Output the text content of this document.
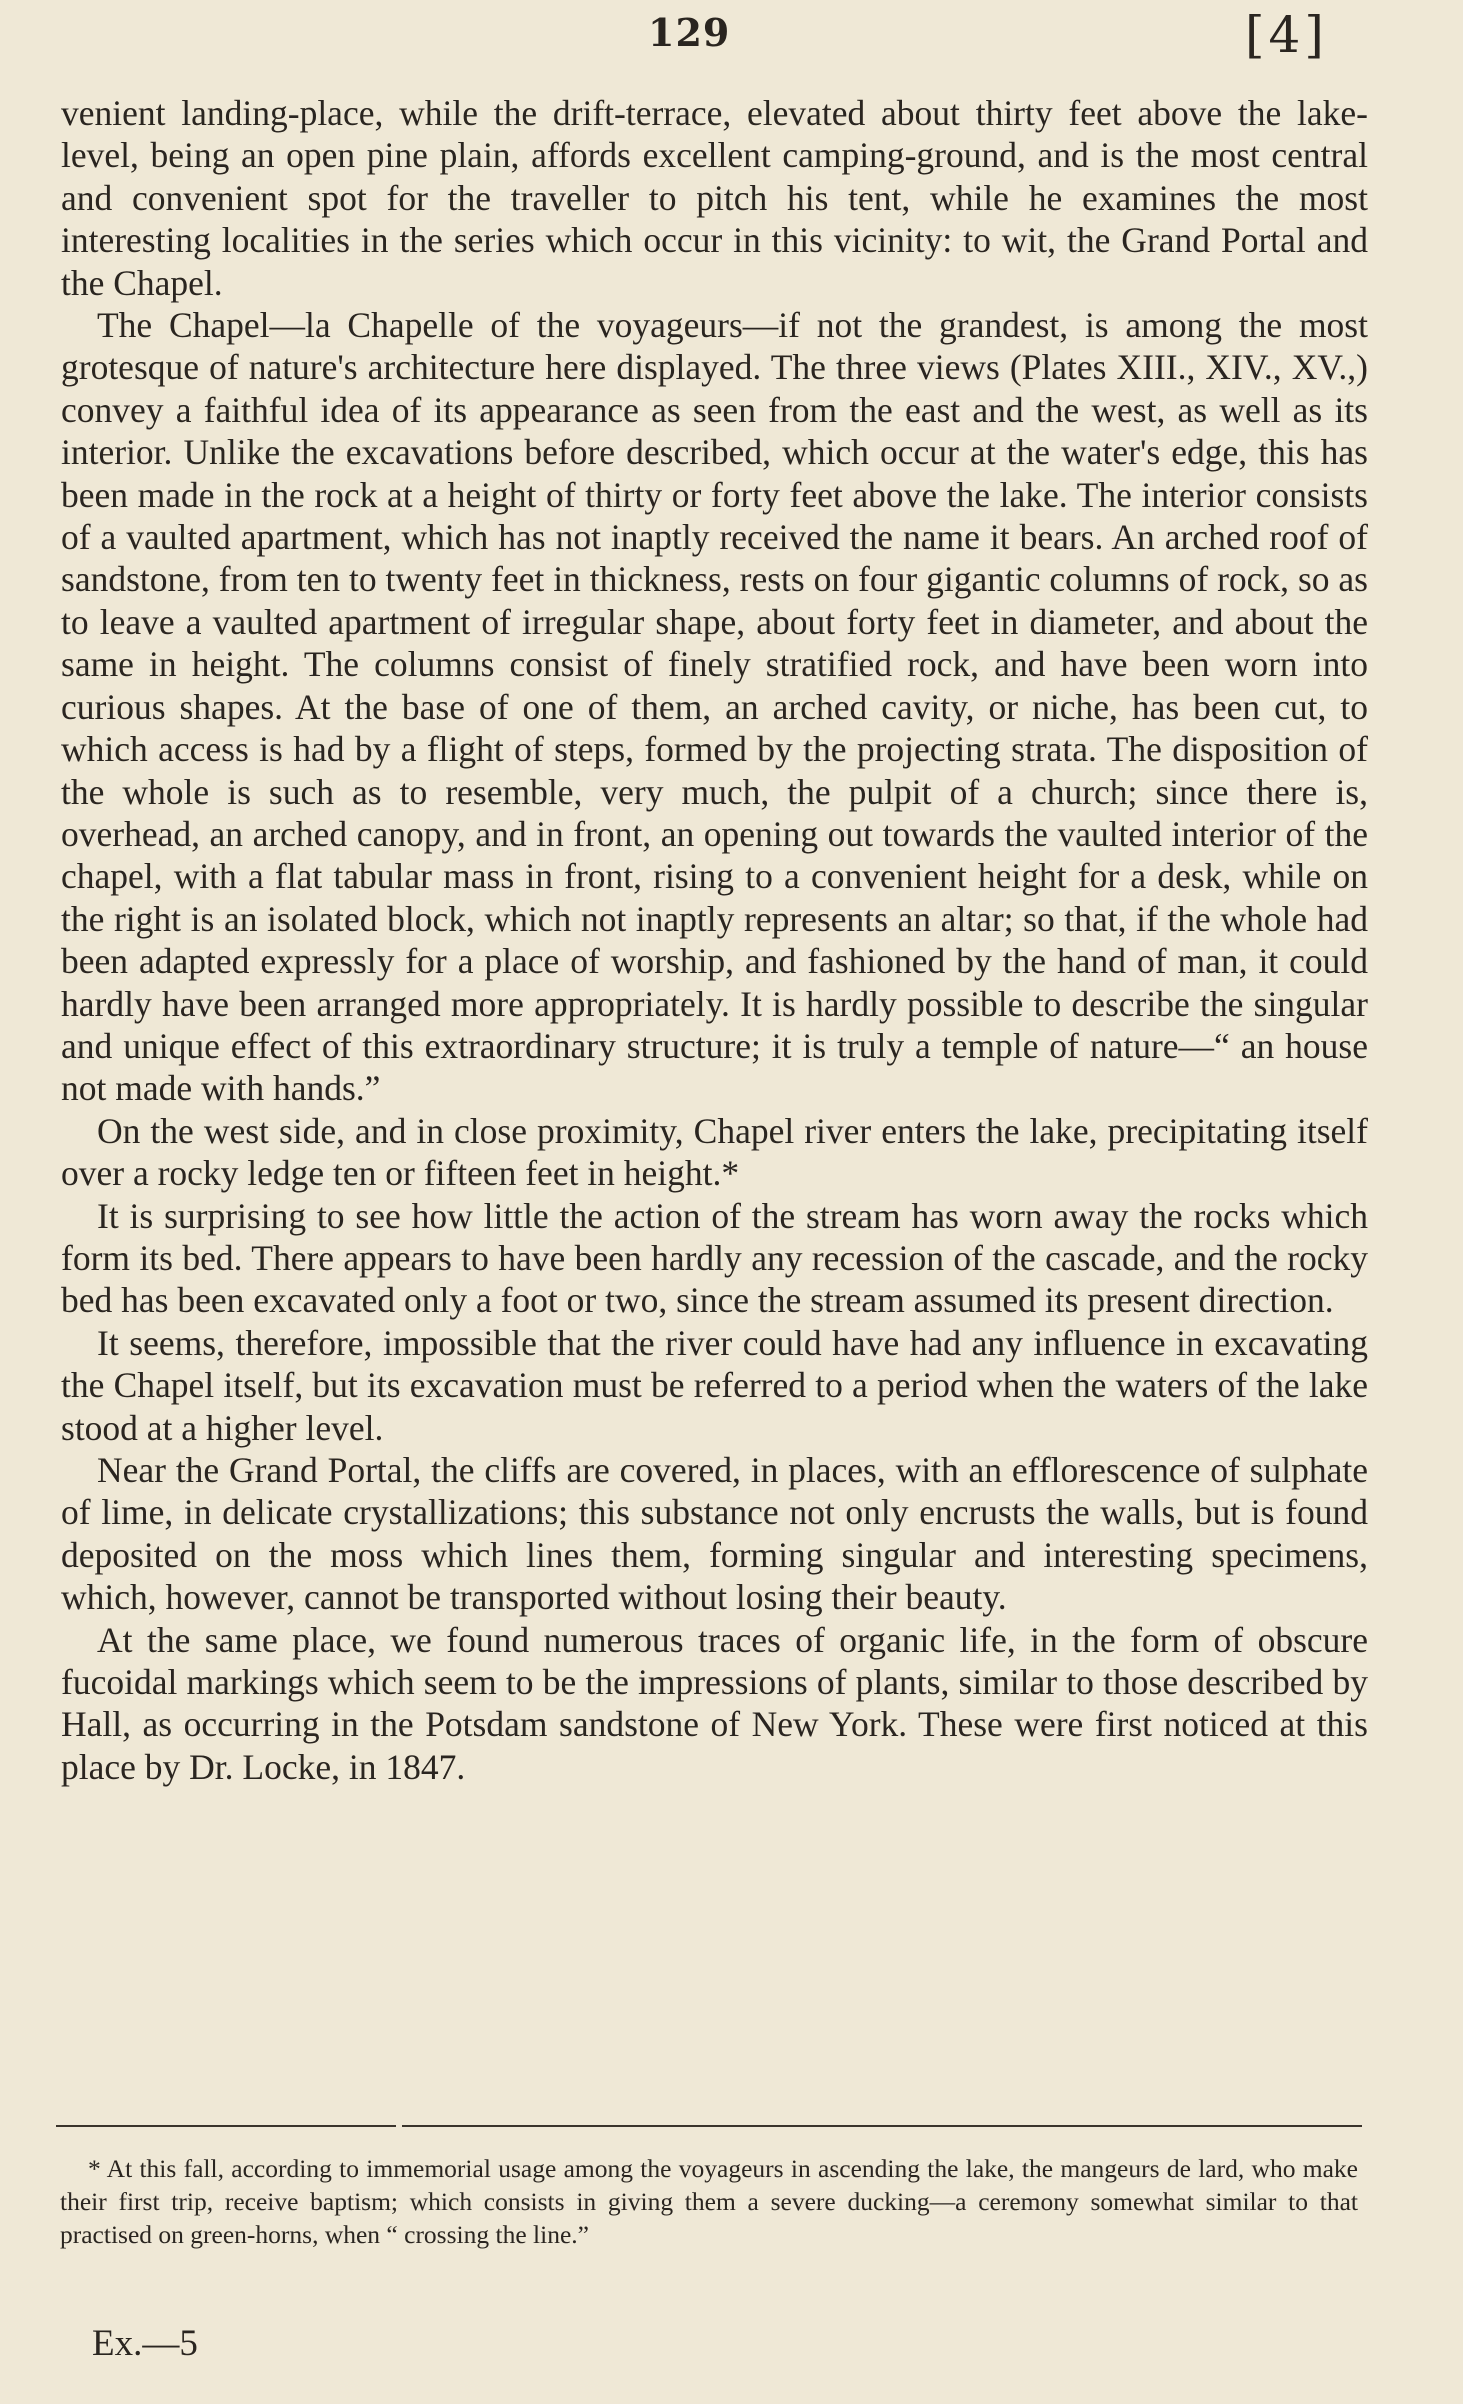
129	[4]

venient landing-place, while the drift-terrace, elevated about thirty feet above the lake-level, being an open pine plain, affords excellent camping-ground, and is the most central and convenient spot for the traveller to pitch his tent, while he examines the most interesting localities in the series which occur in this vicinity: to wit, the Grand Portal and the Chapel.

The Chapel—la Chapelle of the voyageurs—if not the grandest, is among the most grotesque of nature's architecture here displayed. The three views (Plates XIII., XIV., XV.,) convey a faithful idea of its appearance as seen from the east and the west, as well as its interior. Unlike the excavations before described, which occur at the water's edge, this has been made in the rock at a height of thirty or forty feet above the lake. The interior consists of a vaulted apartment, which has not inaptly received the name it bears. An arched roof of sandstone, from ten to twenty feet in thickness, rests on four gigantic columns of rock, so as to leave a vaulted apartment of irregular shape, about forty feet in diameter, and about the same in height. The columns consist of finely stratified rock, and have been worn into curious shapes. At the base of one of them, an arched cavity, or niche, has been cut, to which access is had by a flight of steps, formed by the projecting strata. The disposition of the whole is such as to resemble, very much, the pulpit of a church; since there is, overhead, an arched canopy, and in front, an opening out towards the vaulted interior of the chapel, with a flat tabular mass in front, rising to a convenient height for a desk, while on the right is an isolated block, which not inaptly represents an altar; so that, if the whole had been adapted expressly for a place of worship, and fashioned by the hand of man, it could hardly have been arranged more appropriately. It is hardly possible to describe the singular and unique effect of this extraordinary structure; it is truly a temple of nature—“ an house not made with hands.”

On the west side, and in close proximity, Chapel river enters the lake, precipitating itself over a rocky ledge ten or fifteen feet in height.*

It is surprising to see how little the action of the stream has worn away the rocks which form its bed. There appears to have been hardly any recession of the cascade, and the rocky bed has been excavated only a foot or two, since the stream assumed its present direction.

It seems, therefore, impossible that the river could have had any influence in excavating the Chapel itself, but its excavation must be referred to a period when the waters of the lake stood at a higher level.

Near the Grand Portal, the cliffs are covered, in places, with an efflorescence of sulphate of lime, in delicate crystallizations; this substance not only encrusts the walls, but is found deposited on the moss which lines them, forming singular and interesting specimens, which, however, cannot be transported without losing their beauty.

At the same place, we found numerous traces of organic life, in the form of obscure fucoidal markings which seem to be the impressions of plants, similar to those described by Hall, as occurring in the Potsdam sandstone of New York. These were first noticed at this place by Dr. Locke, in 1847.

* At this fall, according to immemorial usage among the voyageurs in ascending the lake, the mangeurs de lard, who make their first trip, receive baptism; which consists in giving them a severe ducking—a ceremony somewhat similar to that practised on green-horns, when “ crossing the line.”

Ex.—5
